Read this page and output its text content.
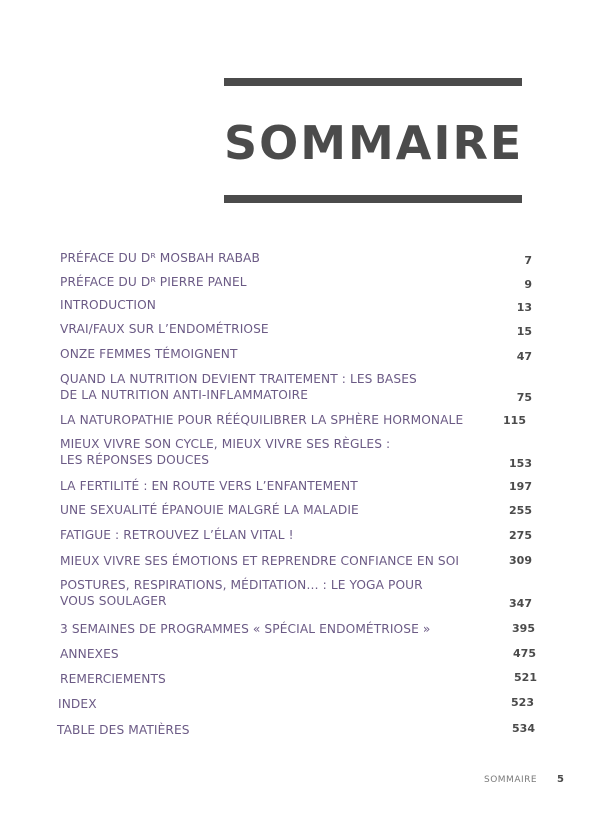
SOMMAIRE
PRÉFACE DU Dᴿ MOSBAH RABAB	7
PRÉFACE DU Dᴿ PIERRE PANEL	9
INTRODUCTION	13
VRAI/FAUX SUR L’ENDOMÉTRIOSE	15
ONZE FEMMES TÉMOIGNENT	47
QUAND LA NUTRITION DEVIENT TRAITEMENT : LES BASES
DE LA NUTRITION ANTI-INFLAMMATOIRE	75
LA NATUROPATHIE POUR RÉÉQUILIBRER LA SPHÈRE HORMONALE	115
MIEUX VIVRE SON CYCLE, MIEUX VIVRE SES RÈGLES :
LES RÉPONSES DOUCES	153
LA FERTILITÉ : EN ROUTE VERS L’ENFANTEMENT	197
UNE SEXUALITÉ ÉPANOUIE MALGRÉ LA MALADIE	255
FATIGUE : RETROUVEZ L’ÉLAN VITAL !	275
MIEUX VIVRE SES ÉMOTIONS ET REPRENDRE CONFIANCE EN SOI	309
POSTURES, RESPIRATIONS, MÉDITATION… : LE YOGA POUR
VOUS SOULAGER	347
3 SEMAINES DE PROGRAMMES « SPÉCIAL ENDOMÉTRIOSE »	395
ANNEXES	475
REMERCIEMENTS	521
INDEX	523
TABLE DES MATIÈRES	534
SOMMAIRE 5
